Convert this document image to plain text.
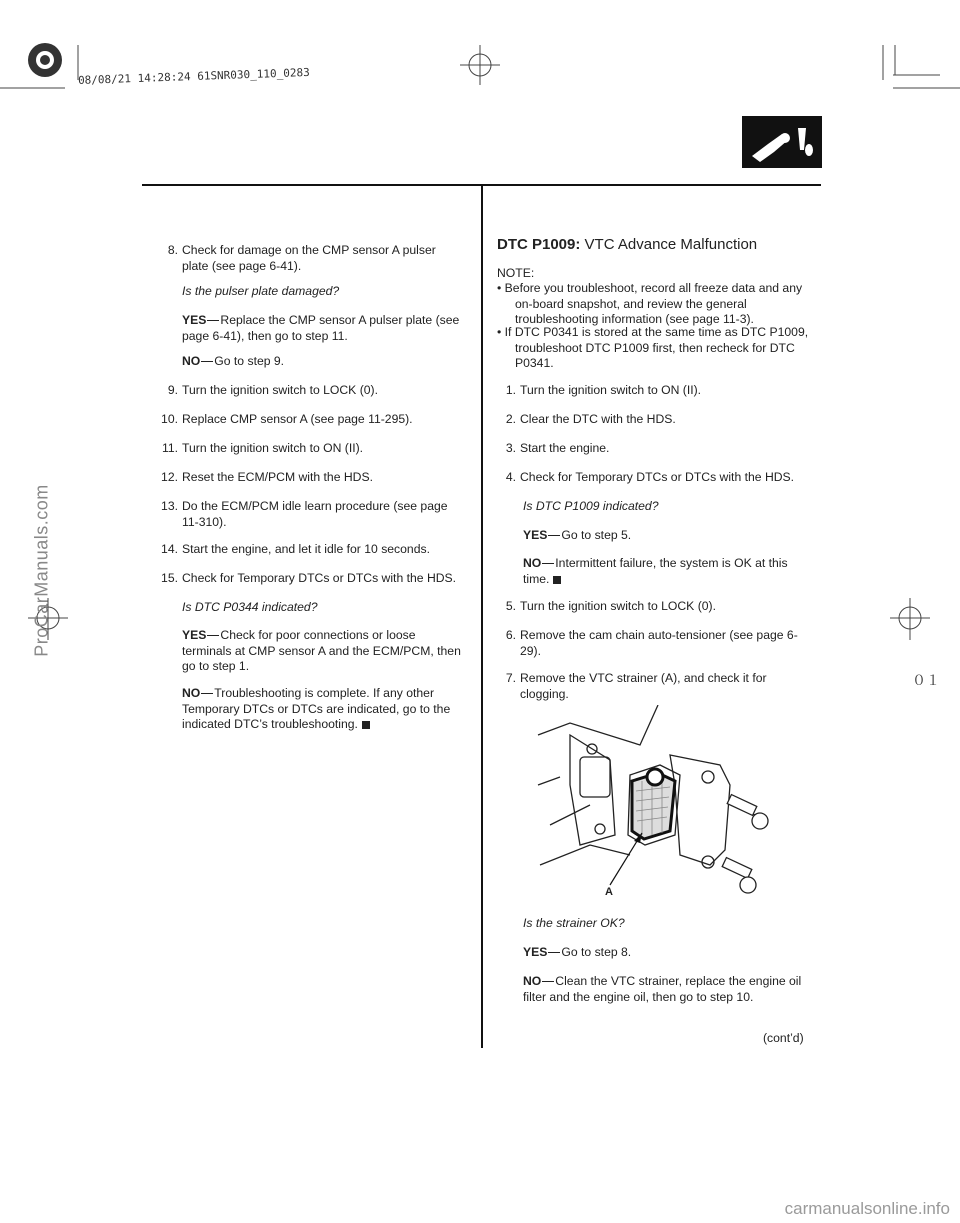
08/08/21 14:28:24 61SNR030_110_0283
ProCarManuals.com
０１
8. Check for damage on the CMP sensor A pulser plate (see page 6-41).
Is the pulser plate damaged?
YES Replace the CMP sensor A pulser plate (see page 6-41), then go to step 11.
NO Go to step 9.
9. Turn the ignition switch to LOCK (0).
10. Replace CMP sensor A (see page 11-295).
11. Turn the ignition switch to ON (II).
12. Reset the ECM/PCM with the HDS.
13. Do the ECM/PCM idle learn procedure (see page 11-310).
14. Start the engine, and let it idle for 10 seconds.
15. Check for Temporary DTCs or DTCs with the HDS.
Is DTC P0344 indicated?
YES Check for poor connections or loose terminals at CMP sensor A and the ECM/PCM, then go to step 1.
NO Troubleshooting is complete. If any other Temporary DTCs or DTCs are indicated, go to the indicated DTC’s troubleshooting.
DTC P1009: VTC Advance Malfunction
NOTE:
• Before you troubleshoot, record all freeze data and any on-board snapshot, and review the general troubleshooting information (see page 11-3).
• If DTC P0341 is stored at the same time as DTC P1009, troubleshoot DTC P1009 first, then recheck for DTC P0341.
1. Turn the ignition switch to ON (II).
2. Clear the DTC with the HDS.
3. Start the engine.
4. Check for Temporary DTCs or DTCs with the HDS.
Is DTC P1009 indicated?
YES Go to step 5.
NO Intermittent failure, the system is OK at this time.
5. Turn the ignition switch to LOCK (0).
6. Remove the cam chain auto-tensioner (see page 6-29).
7. Remove the VTC strainer (A), and check it for clogging.
A
Is the strainer OK?
YES Go to step 8.
NO Clean the VTC strainer, replace the engine oil filter and the engine oil, then go to step 10.
(cont’d)
carmanualsonline.info
